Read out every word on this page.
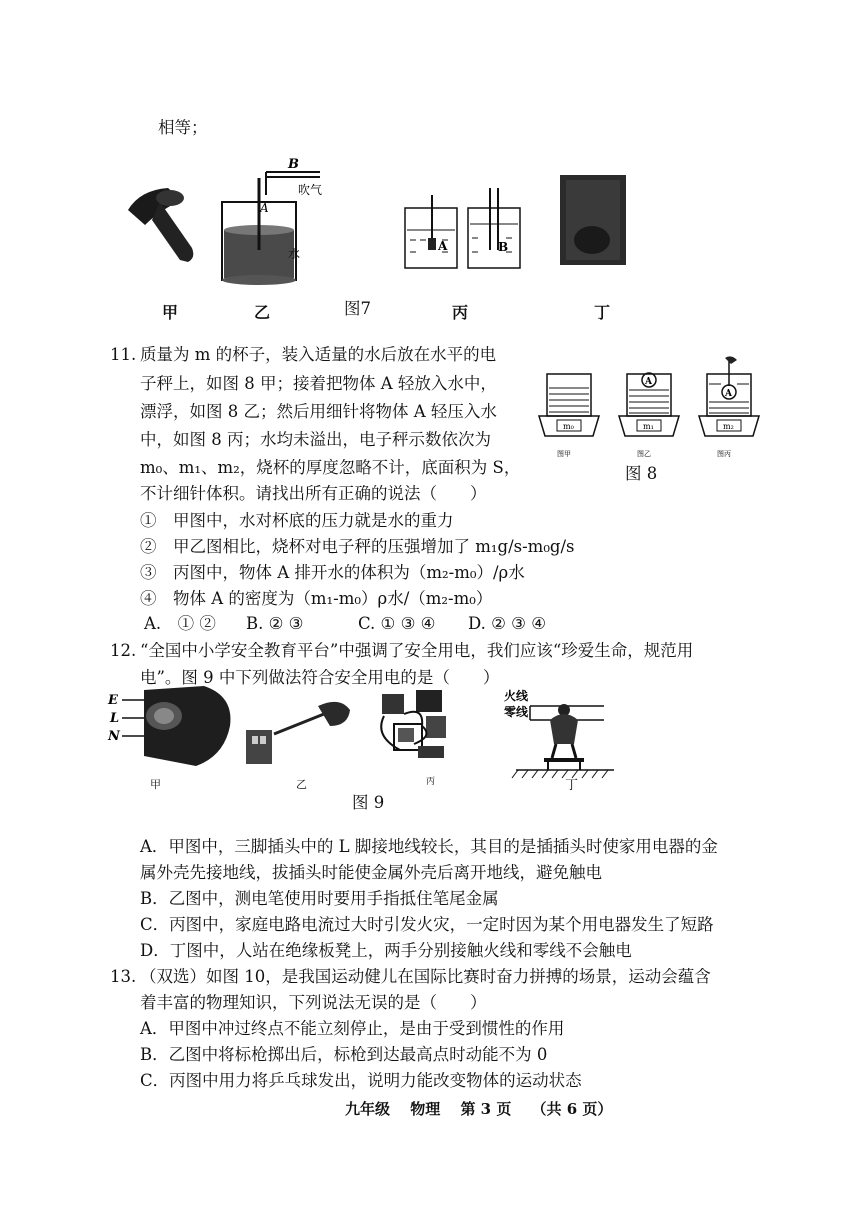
相等；
B
吹气
A
水
A	B
甲	乙	图7	丙	丁
11. 质量为 m 的杯子，装入适量的水后放在水平的电
子秤上，如图 8 甲；接着把物体 A 轻放入水中，
漂浮，如图 8 乙；然后用细针将物体 A 轻压入水
中，如图 8 丙；水均未溢出，电子秤示数依次为
m₀、m₁、m₂，烧杯的厚度忽略不计，底面积为 S，
不计细针体积。请找出所有正确的说法（　　）
m₀
图甲
A
m₁
图乙
A
m₂
图丙
图 8
①　甲图中，水对杯底的压力就是水的重力
②　甲乙图相比，烧杯对电子秤的压强增加了 m₁g/s-m₀g/s
③　丙图中，物体 A 排开水的体积为（m₂-m₀）/ρ水
④　物体 A 的密度为（m₁-m₀）ρ水/（m₂-m₀）
A.　① ② B. ② ③	C. ① ③ ④ D. ② ③ ④
12. “全国中小学安全教育平台”中强调了安全用电，我们应该“珍爱生命，规范用
电”。图 9 中下列做法符合安全用电的是（　　）
E
L
N
火线
零线
甲	乙	丙	丁
图 9
A．甲图中，三脚插头中的 L 脚接地线较长，其目的是插插头时使家用电器的金
属外壳先接地线，拔插头时能使金属外壳后离开地线，避免触电
B．乙图中，测电笔使用时要用手指抵住笔尾金属
C．丙图中，家庭电路电流过大时引发火灾，一定时因为某个用电器发生了短路
D．丁图中，人站在绝缘板凳上，两手分别接触火线和零线不会触电
13. （双选）如图 10，是我国运动健儿在国际比赛时奋力拼搏的场景，运动会蕴含
着丰富的物理知识，下列说法无误的是（　　）
A．甲图中冲过终点不能立刻停止，是由于受到惯性的作用
B．乙图中将标枪掷出后，标枪到达最高点时动能不为 0
C．丙图中用力将乒乓球发出，说明力能改变物体的运动状态
九年级　 物理　 第 3 页　 （共 6 页）
